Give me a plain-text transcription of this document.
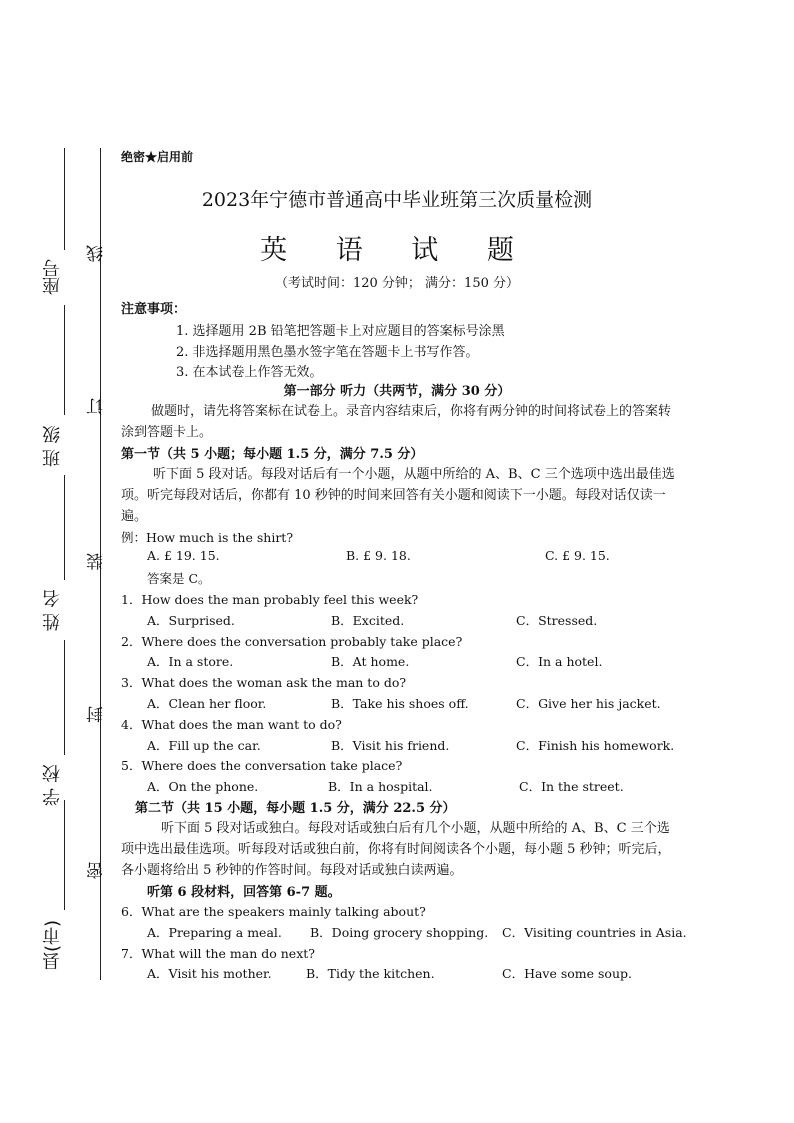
县(市)
学 校
姓 名
班 级
座号
线
订
装
封
密
绝密★启用前
2023年宁德市普通高中毕业班第三次质量检测
英 语 试 题
（考试时间：120 分钟； 满分：150 分）
注意事项：
1. 选择题用 2B 铅笔把答题卡上对应题目的答案标号涂黑
2. 非选择题用黑色墨水签字笔在答题卡上书写作答。
3. 在本试卷上作答无效。
第一部分 听力（共两节，满分 30 分）
做题时，请先将答案标在试卷上。录音内容结束后，你将有两分钟的时间将试卷上的答案转涂到答题卡上。
第一节（共 5 小题；每小题 1.5 分，满分 7.5 分）
听下面 5 段对话。每段对话后有一个小题，从题中所给的 A、B、C 三个选项中选出最佳选项。听完每段对话后，你都有 10 秒钟的时间来回答有关小题和阅读下一小题。每段对话仅读一遍。
例：How much is the shirt?
A. £ 19. 15.	B. £ 9. 18.	C. £ 9. 15.
答案是 C。
1．How does the man probably feel this week?
A．Surprised.	B．Excited.	C．Stressed.
2．Where does the conversation probably take place?
A．In a store.	B．At home.	C．In a hotel.
3．What does the woman ask the man to do?
A．Clean her floor.	B．Take his shoes off.	C．Give her his jacket.
4．What does the man want to do?
A．Fill up the car.	B．Visit his friend.	C．Finish his homework.
5．Where does the conversation take place?
A．On the phone.	B．In a hospital.	C．In the street.
第二节（共 15 小题，每小题 1.5 分，满分 22.5 分）
听下面 5 段对话或独白。每段对话或独白后有几个小题，从题中所给的 A、B、C 三个选项中选出最佳选项。听每段对话或独白前，你将有时间阅读各个小题，每小题 5 秒钟；听完后，各小题将给出 5 秒钟的作答时间。每段对话或独白读两遍。
听第 6 段材料，回答第 6-7 题。
6．What are the speakers mainly talking about?
A．Preparing a meal. B．Doing grocery shopping. C．Visiting countries in Asia.
7．What will the man do next?
A．Visit his mother.	B．Tidy the kitchen.	C．Have some soup.
